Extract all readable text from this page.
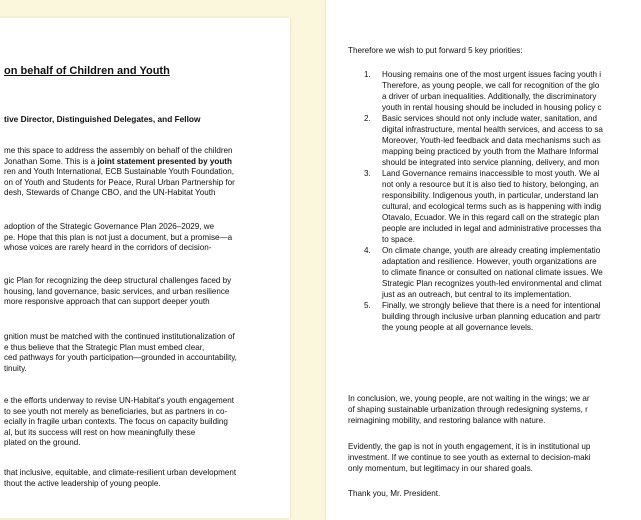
on behalf of Children and Youth
tive Director, Distinguished Delegates, and Fellow
me this space to address the assembly on behalf of the children
Jonathan Some. This is a joint statement presented by youth
ren and Youth International, ECB Sustainable Youth Foundation,
on of Youth and Students for Peace, Rural Urban Partnership for
desh, Stewards of Change CBO, and the UN-Habitat Youth
adoption of the Strategic Governance Plan 2026–2029, we
pe. Hope that this plan is not just a document, but a promise—a
whose voices are rarely heard in the corridors of decision-
gic Plan for recognizing the deep structural challenges faced by
housing, land governance, basic services, and urban resilience
more responsive approach that can support deeper youth
gnition must be matched with the continued institutionalization of
e thus believe that the Strategic Plan must embed clear,
ced pathways for youth participation—grounded in accountability,
tinuity.
e the efforts underway to revise UN-Habitat's youth engagement
to see youth not merely as beneficiaries, but as partners in co-
ecially in fragile urban contexts. The focus on capacity building
al, but its success will rest on how meaningfully these
plated on the ground.
that inclusive, equitable, and climate-resilient urban development
thout the active leadership of young people.
Therefore we wish to put forward 5 key priorities:
1. Housing remains one of the most urgent issues facing youth i
Therefore, as young people, we call for recognition of the glo
a driver of urban inequalities. Additionally, the discriminatory
youth in rental housing should be included in housing policy c
2. Basic services should not only include water, sanitation, and
digital infrastructure, mental health services, and access to sa
Moreover, Youth-led feedback and data mechanisms such as
mapping being practiced by youth from the Mathare Informal
should be integrated into service planning, delivery, and mon
3. Land Governance remains inaccessible to most youth. We al
not only a resource but it is also tied to history, belonging, an
responsibility. Indigenous youth, in particular, understand lan
cultural, and ecological terms such as is happening with indig
Otavalo, Ecuador. We in this regard call on the strategic plan
people are included in legal and administrative processes tha
to space.
4. On climate change, youth are already creating implementatio
adaptation and resilience. However, youth organizations are
to climate finance or consulted on national climate issues. We
Strategic Plan recognizes youth-led environmental and climat
just as an outreach, but central to its implementation.
5. Finally, we strongly believe that there is a need for intentional
building through inclusive urban planning education and partr
the young people at all governance levels.
In conclusion, we, young people, are not waiting in the wings; we ar
of shaping sustainable urbanization through redesigning systems, r
reimagining mobility, and restoring balance with nature.
Evidently, the gap is not in youth engagement, it is in institutional up
investment. If we continue to see youth as external to decision-maki
only momentum, but legitimacy in our shared goals.
Thank you, Mr. President.
